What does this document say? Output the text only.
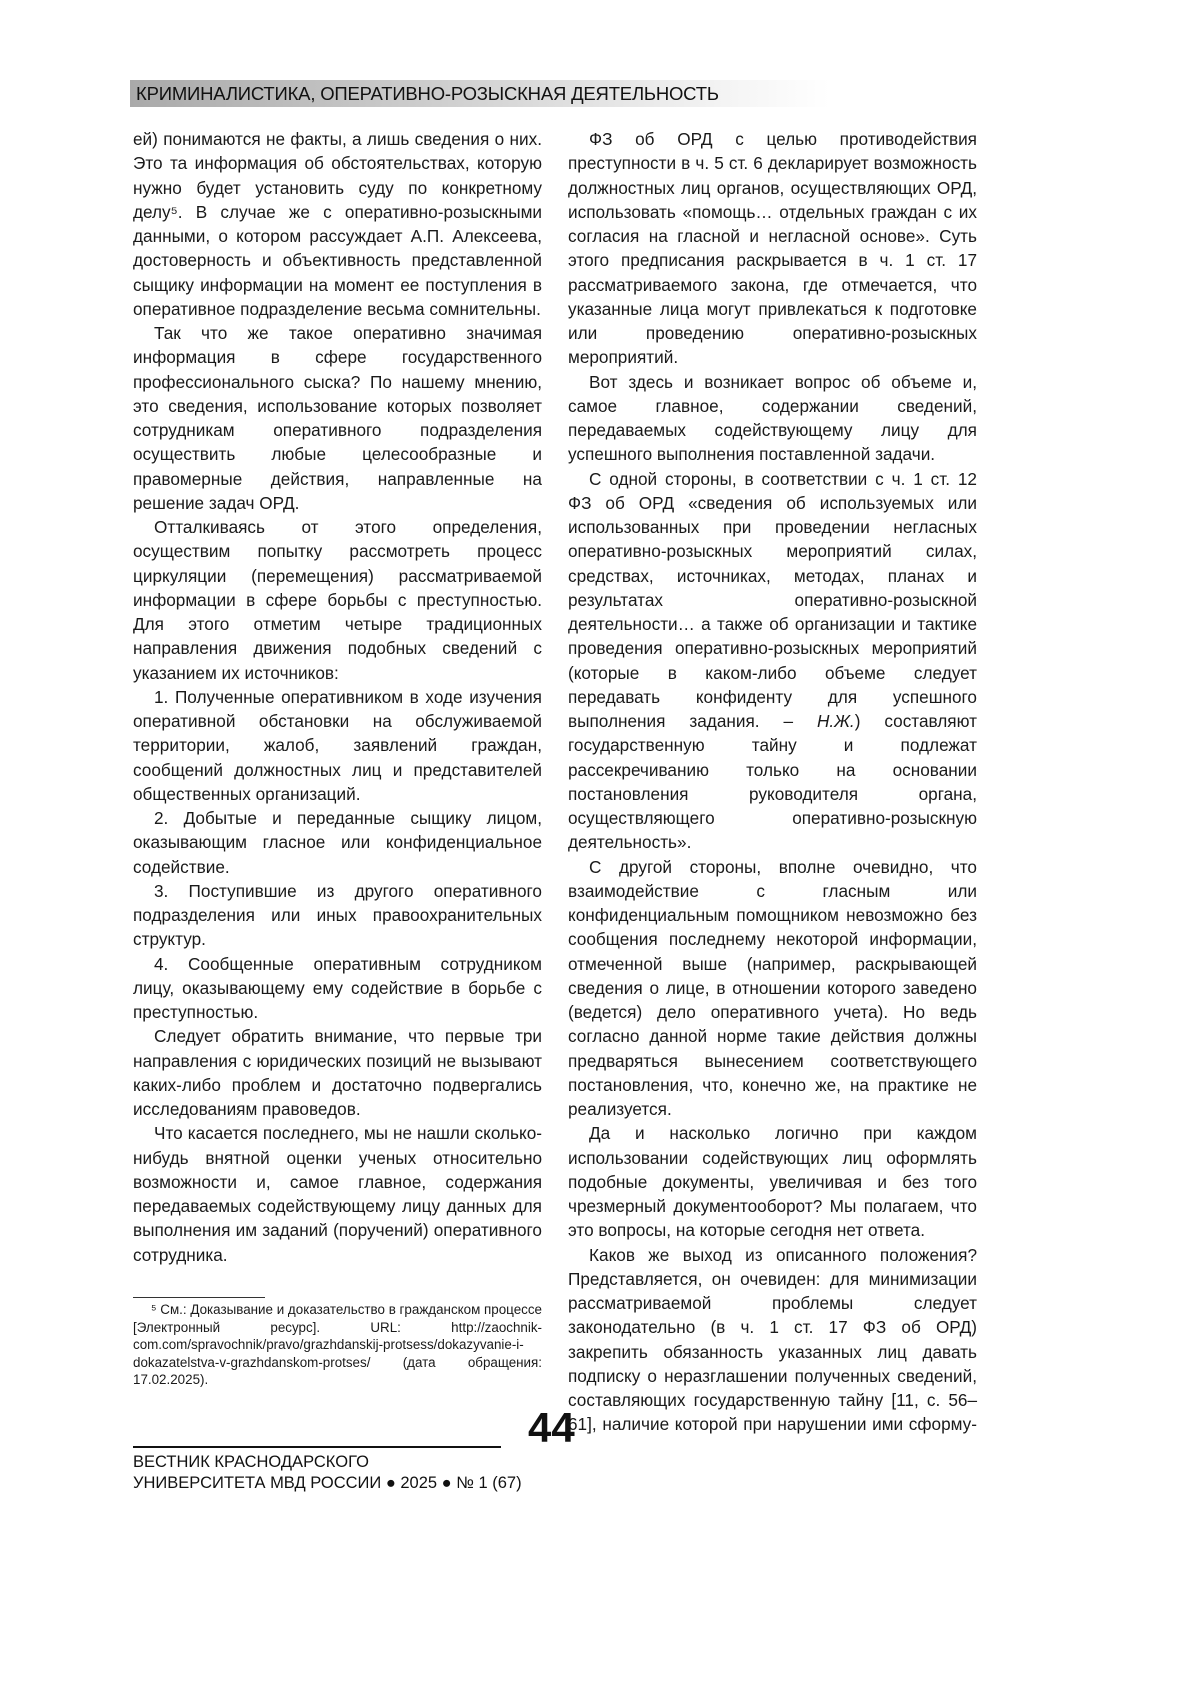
КРИМИНАЛИСТИКА, ОПЕРАТИВНО-РОЗЫСКНАЯ ДЕЯТЕЛЬНОСТЬ

ей) понимаются не факты, а лишь сведения о них. Это та информация об обстоятельствах, которую нужно будет установить суду по конкретному делу⁵. В случае же с оперативно-розыскными данными, о котором рассуждает А.П. Алексеева, достоверность и объективность представленной сыщику информации на момент ее поступления в оперативное подразделение весьма сомнительны.

Так что же такое оперативно значимая информация в сфере государственного профессионального сыска? По нашему мнению, это сведения, использование которых позволяет сотрудникам оперативного подразделения осуществить любые целесообразные и правомерные действия, направленные на решение задач ОРД.

Отталкиваясь от этого определения, осуществим попытку рассмотреть процесс циркуляции (перемещения) рассматриваемой информации в сфере борьбы с преступностью. Для этого отметим четыре традиционных направления движения подобных сведений с указанием их источников:

1. Полученные оперативником в ходе изучения оперативной обстановки на обслуживаемой территории, жалоб, заявлений граждан, сообщений должностных лиц и представителей общественных организаций.

2. Добытые и переданные сыщику лицом, оказывающим гласное или конфиденциальное содействие.

3. Поступившие из другого оперативного подразделения или иных правоохранительных структур.

4. Сообщенные оперативным сотрудником лицу, оказывающему ему содействие в борьбе с преступностью.

Следует обратить внимание, что первые три направления с юридических позиций не вызывают каких-либо проблем и достаточно подвергались исследованиям правоведов.

Что касается последнего, мы не нашли сколько-нибудь внятной оценки ученых относительно возможности и, самое главное, содержания передаваемых содействующему лицу данных для выполнения им заданий (поручений) оперативного сотрудника.

⁵ См.: Доказывание и доказательство в гражданском процессе [Электронный ресурс]. URL: http://zaochnik-com.com/spravochnik/pravo/grazhdanskij-protsess/dokazyvanie-i-dokazatelstva-v-grazhdanskom-protses/ (дата обращения: 17.02.2025).

ФЗ об ОРД с целью противодействия преступности в ч. 5 ст. 6 декларирует возможность должностных лиц органов, осуществляющих ОРД, использовать «помощь… отдельных граждан с их согласия на гласной и негласной основе». Суть этого предписания раскрывается в ч. 1 ст. 17 рассматриваемого закона, где отмечается, что указанные лица могут привлекаться к подготовке или проведению оперативно-розыскных мероприятий.

Вот здесь и возникает вопрос об объеме и, самое главное, содержании сведений, передаваемых содействующему лицу для успешного выполнения поставленной задачи.

С одной стороны, в соответствии с ч. 1 ст. 12 ФЗ об ОРД «сведения об используемых или использованных при проведении негласных оперативно-розыскных мероприятий силах, средствах, источниках, методах, планах и результатах оперативно-розыскной деятельности… а также об организации и тактике проведения оперативно-розыскных мероприятий (которые в каком-либо объеме следует передавать конфиденту для успешного выполнения задания. – Н.Ж.) составляют государственную тайну и подлежат рассекречиванию только на основании постановления руководителя органа, осуществляющего оперативно-розыскную деятельность».

С другой стороны, вполне очевидно, что взаимодействие с гласным или конфиденциальным помощником невозможно без сообщения последнему некоторой информации, отмеченной выше (например, раскрывающей сведения о лице, в отношении которого заведено (ведется) дело оперативного учета). Но ведь согласно данной норме такие действия должны предваряться вынесением соответствующего постановления, что, конечно же, на практике не реализуется.

Да и насколько логично при каждом использовании содействующих лиц оформлять подобные документы, увеличивая и без того чрезмерный документооборот? Мы полагаем, что это вопросы, на которые сегодня нет ответа.

Каков же выход из описанного положения? Представляется, он очевиден: для минимизации рассматриваемой проблемы следует законодательно (в ч. 1 ст. 17 ФЗ об ОРД) закрепить обязанность указанных лиц давать подписку о неразглашении полученных сведений, составляющих государственную тайну [11, с. 56–61], наличие которой при нарушении ими сформу-

44
ВЕСТНИК КРАСНОДАРСКОГО
УНИВЕРСИТЕТА МВД РОССИИ ● 2025 ● № 1 (67)
